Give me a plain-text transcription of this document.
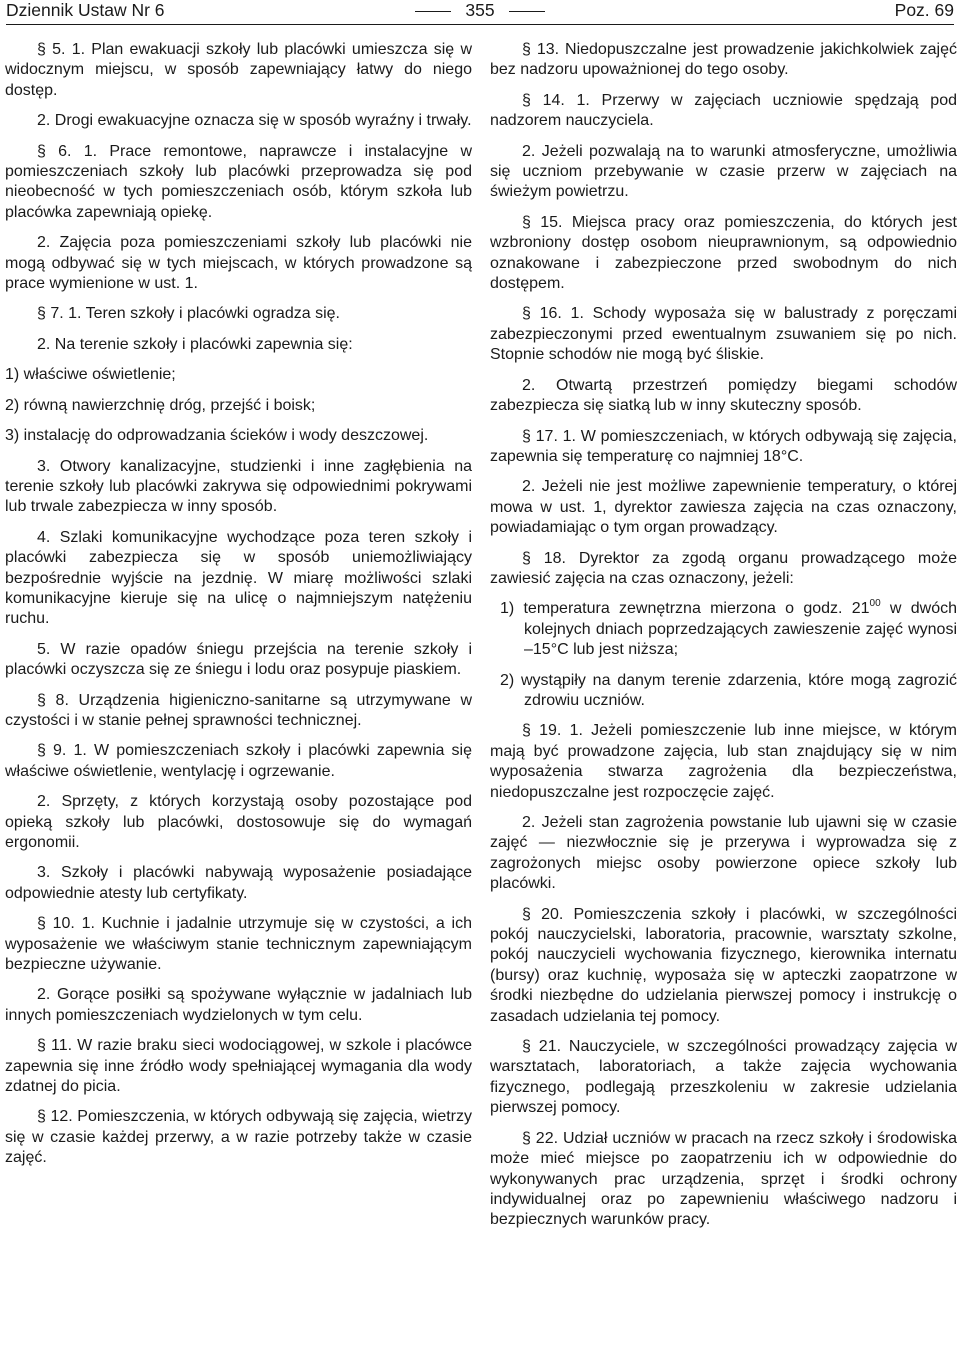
Dziennik Ustaw Nr 6	355	Poz. 69
§ 5. 1. Plan ewakuacji szkoły lub placówki umieszcza się w widocznym miejscu, w sposób zapewniający łatwy do niego dostęp.
2. Drogi ewakuacyjne oznacza się w sposób wyraźny i trwały.
§ 6. 1. Prace remontowe, naprawcze i instalacyjne w pomieszczeniach szkoły lub placówki przeprowadza się pod nieobecność w tych pomieszczeniach osób, którym szkoła lub placówka zapewniają opiekę.
2. Zajęcia poza pomieszczeniami szkoły lub placówki nie mogą odbywać się w tych miejscach, w których prowadzone są prace wymienione w ust. 1.
§ 7. 1. Teren szkoły i placówki ogradza się.
2. Na terenie szkoły i placówki zapewnia się:
1) właściwe oświetlenie;
2) równą nawierzchnię dróg, przejść i boisk;
3) instalację do odprowadzania ścieków i wody deszczowej.
3. Otwory kanalizacyjne, studzienki i inne zagłębienia na terenie szkoły lub placówki zakrywa się odpowiednimi pokrywami lub trwale zabezpiecza w inny sposób.
4. Szlaki komunikacyjne wychodzące poza teren szkoły i placówki zabezpiecza się w sposób uniemożliwiający bezpośrednie wyjście na jezdnię. W miarę możliwości szlaki komunikacyjne kieruje się na ulicę o najmniejszym natężeniu ruchu.
5. W razie opadów śniegu przejścia na terenie szkoły i placówki oczyszcza się ze śniegu i lodu oraz posypuje piaskiem.
§ 8. Urządzenia higieniczno-sanitarne są utrzymywane w czystości i w stanie pełnej sprawności technicznej.
§ 9. 1. W pomieszczeniach szkoły i placówki zapewnia się właściwe oświetlenie, wentylację i ogrzewanie.
2. Sprzęty, z których korzystają osoby pozostające pod opieką szkoły lub placówki, dostosowuje się do wymagań ergonomii.
3. Szkoły i placówki nabywają wyposażenie posiadające odpowiednie atesty lub certyfikaty.
§ 10. 1. Kuchnie i jadalnie utrzymuje się w czystości, a ich wyposażenie we właściwym stanie technicznym zapewniającym bezpieczne używanie.
2. Gorące posiłki są spożywane wyłącznie w jadalniach lub innych pomieszczeniach wydzielonych w tym celu.
§ 11. W razie braku sieci wodociągowej, w szkole i placówce zapewnia się inne źródło wody spełniającej wymagania dla wody zdatnej do picia.
§ 12. Pomieszczenia, w których odbywają się zajęcia, wietrzy się w czasie każdej przerwy, a w razie potrzeby także w czasie zajęć.
§ 13. Niedopuszczalne jest prowadzenie jakichkolwiek zajęć bez nadzoru upoważnionej do tego osoby.
§ 14. 1. Przerwy w zajęciach uczniowie spędzają pod nadzorem nauczyciela.
2. Jeżeli pozwalają na to warunki atmosferyczne, umożliwia się uczniom przebywanie w czasie przerw w zajęciach na świeżym powietrzu.
§ 15. Miejsca pracy oraz pomieszczenia, do których jest wzbroniony dostęp osobom nieuprawnionym, są odpowiednio oznakowane i zabezpieczone przed swobodnym do nich dostępem.
§ 16. 1. Schody wyposaża się w balustrady z poręczami zabezpieczonymi przed ewentualnym zsuwaniem się po nich. Stopnie schodów nie mogą być śliskie.
2. Otwartą przestrzeń pomiędzy biegami schodów zabezpiecza się siatką lub w inny skuteczny sposób.
§ 17. 1. W pomieszczeniach, w których odbywają się zajęcia, zapewnia się temperaturę co najmniej 18°C.
2. Jeżeli nie jest możliwe zapewnienie temperatury, o której mowa w ust. 1, dyrektor zawiesza zajęcia na czas oznaczony, powiadamiając o tym organ prowadzący.
§ 18. Dyrektor za zgodą organu prowadzącego może zawiesić zajęcia na czas oznaczony, jeżeli:
1) temperatura zewnętrzna mierzona o godz. $21^{00}$ w dwóch kolejnych dniach poprzedzających zawieszenie zajęć wynosi –15°C lub jest niższa;
2) wystąpiły na danym terenie zdarzenia, które mogą zagrozić zdrowiu uczniów.
§ 19. 1. Jeżeli pomieszczenie lub inne miejsce, w którym mają być prowadzone zajęcia, lub stan znajdujący się w nim wyposażenia stwarza zagrożenia dla bezpieczeństwa, niedopuszczalne jest rozpoczęcie zajęć.
2. Jeżeli stan zagrożenia powstanie lub ujawni się w czasie zajęć — niezwłocznie się je przerywa i wyprowadza się z zagrożonych miejsc osoby powierzone opiece szkoły lub placówki.
§ 20. Pomieszczenia szkoły i placówki, w szczególności pokój nauczycielski, laboratoria, pracownie, warsztaty szkolne, pokój nauczycieli wychowania fizycznego, kierownika internatu (bursy) oraz kuchnię, wyposaża się w apteczki zaopatrzone w środki niezbędne do udzielania pierwszej pomocy i instrukcję o zasadach udzielania tej pomocy.
§ 21. Nauczyciele, w szczególności prowadzący zajęcia w warsztatach, laboratoriach, a także zajęcia wychowania fizycznego, podlegają przeszkoleniu w zakresie udzielania pierwszej pomocy.
§ 22. Udział uczniów w pracach na rzecz szkoły i środowiska może mieć miejsce po zaopatrzeniu ich w odpowiednie do wykonywanych prac urządzenia, sprzęt i środki ochrony indywidualnej oraz po zapewnieniu właściwego nadzoru i bezpiecznych warunków pracy.
